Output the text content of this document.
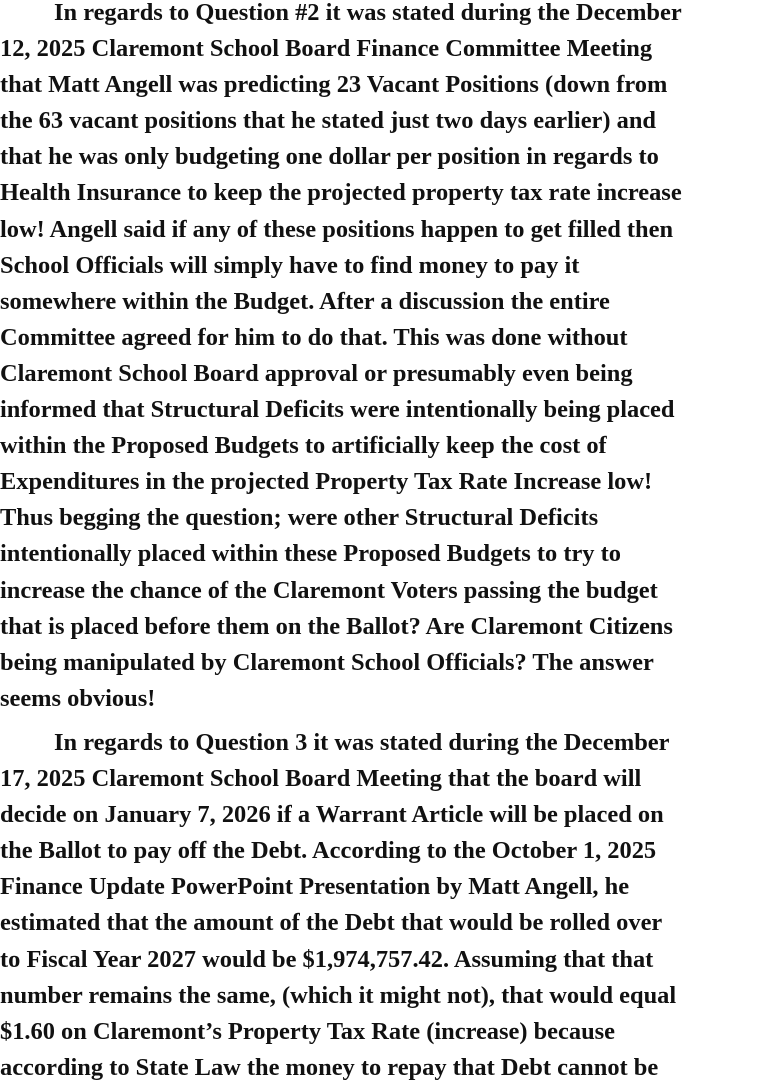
In regards to Question #2 it was stated during the December
12, 2025 Claremont School Board Finance Committee Meeting
that Matt Angell was predicting 23 Vacant Positions (down from
the 63 vacant positions that he stated just two days earlier) and
that he was only budgeting one dollar per position in regards to
Health Insurance to keep the projected property tax rate increase
low! Angell said if any of these positions happen to get filled then
School Officials will simply have to find money to pay it
somewhere within the Budget. After a discussion the entire
Committee agreed for him to do that. This was done without
Claremont School Board approval or presumably even being
informed that Structural Deficits were intentionally being placed
within the Proposed Budgets to artificially keep the cost of
Expenditures in the projected Property Tax Rate Increase low!
Thus begging the question; were other Structural Deficits
intentionally placed within these Proposed Budgets to try to
increase the chance of the Claremont Voters passing the budget
that is placed before them on the Ballot? Are Claremont Citizens
being manipulated by Claremont School Officials? The answer
seems obvious!
In regards to Question 3 it was stated during the December
17, 2025 Claremont School Board Meeting that the board will
decide on January 7, 2026 if a Warrant Article will be placed on
the Ballot to pay off the Debt. According to the October 1, 2025
Finance Update PowerPoint Presentation by Matt Angell, he
estimated that the amount of the Debt that would be rolled over
to Fiscal Year 2027 would be $1,974,757.42. Assuming that that
number remains the same, (which it might not), that would equal
$1.60 on Claremont’s Property Tax Rate (increase) because
according to State Law the money to repay that Debt cannot be
